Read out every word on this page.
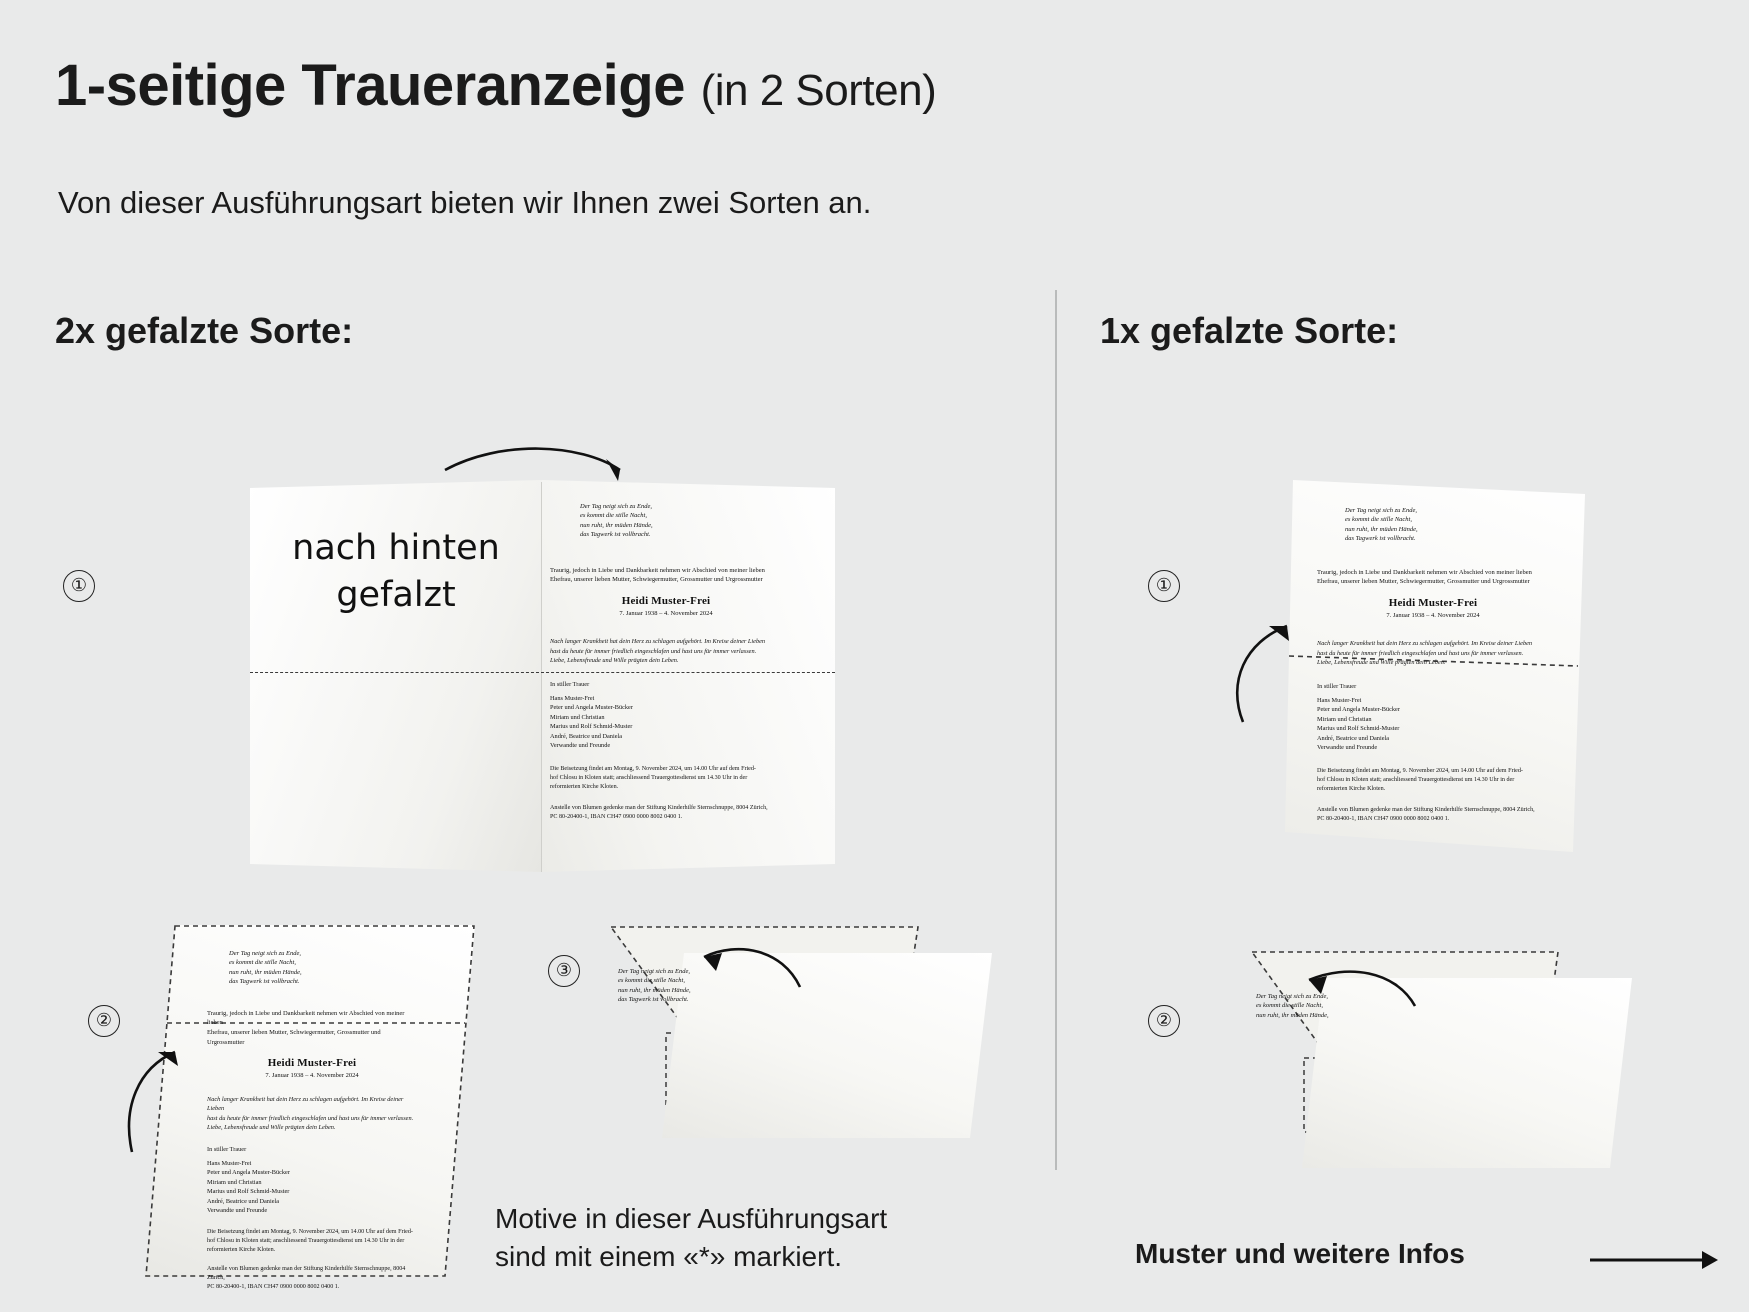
1-seitige Traueranzeige (in 2 Sorten)
Von dieser Ausführungsart bieten wir Ihnen zwei Sorten an.
2x gefalzte Sorte:	1x gefalzte Sorte:
①
nach hinten
gefalzt
Der Tag neigt sich zu Ende,
es kommt die stille Nacht,
nun ruht, ihr müden Hände,
das Tagwerk ist vollbracht.
Traurig, jedoch in Liebe und Dankbarkeit nehmen wir Abschied von meiner lieben
Ehefrau, unserer lieben Mutter, Schwiegermutter, Grossmutter und Urgrossmutter
Heidi Muster-Frei
7. Januar 1938 – 4. November 2024
Nach langer Krankheit hat dein Herz zu schlagen aufgehört. Im Kreise deiner Lieben
hast du heute für immer friedlich eingeschlafen und hast uns für immer verlassen.
Liebe, Lebensfreude und Wille prägten dein Leben.
In stiller Trauer
Hans Muster-Frei
Peter und Angela Muster-Bücker
Miriam und Christian
Marius und Rolf Schmid-Muster
André, Beatrice und Daniela
Verwandte und Freunde
Die Beisetzung findet am Montag, 9. November 2024, um 14.00 Uhr auf dem Fried-
hof Chlosu in Kloten statt; anschliessend Trauergottesdienst um 14.30 Uhr in der
reformierten Kirche Kloten.
Anstelle von Blumen gedenke man der Stiftung Kinderhilfe Sternschnuppe, 8004 Zürich,
PC 80-20400-1, IBAN CH47 0900 0000 8002 0400 1.
②
Der Tag neigt sich zu Ende,
es kommt die stille Nacht,
nun ruht, ihr müden Hände,
das Tagwerk ist vollbracht.
Traurig, jedoch in Liebe und Dankbarkeit nehmen wir Abschied von meiner lieben
Ehefrau, unserer lieben Mutter, Schwiegermutter, Grossmutter und Urgrossmutter
Heidi Muster-Frei
7. Januar 1938 – 4. November 2024
Nach langer Krankheit hat dein Herz zu schlagen aufgehört. Im Kreise deiner Lieben
hast du heute für immer friedlich eingeschlafen und hast uns für immer verlassen.
Liebe, Lebensfreude und Wille prägten dein Leben.
In stiller Trauer
Hans Muster-Frei
Peter und Angela Muster-Bücker
Miriam und Christian
Marius und Rolf Schmid-Muster
André, Beatrice und Daniela
Verwandte und Freunde
Die Beisetzung findet am Montag, 9. November 2024, um 14.00 Uhr auf dem Fried-
hof Chlosu in Kloten statt; anschliessend Trauergottesdienst um 14.30 Uhr in der
reformierten Kirche Kloten.
Anstelle von Blumen gedenke man der Stiftung Kinderhilfe Sternschnuppe, 8004 Zürich,
PC 80-20400-1, IBAN CH47 0900 0000 8002 0400 1.
③	Der Tag neigt sich zu Ende,
es kommt die stille Nacht,
nun ruht, ihr müden Hände,
das Tagwerk ist vollbracht.
Motive in dieser Ausführungsart
sind mit einem «*» markiert.
①
Der Tag neigt sich zu Ende,
es kommt die stille Nacht,
nun ruht, ihr müden Hände,
das Tagwerk ist vollbracht.
Traurig, jedoch in Liebe und Dankbarkeit nehmen wir Abschied von meiner lieben
Ehefrau, unserer lieben Mutter, Schwiegermutter, Grossmutter und Urgrossmutter
Heidi Muster-Frei
7. Januar 1938 – 4. November 2024
Nach langer Krankheit hat dein Herz zu schlagen aufgehört. Im Kreise deiner Lieben
hast du heute für immer friedlich eingeschlafen und hast uns für immer verlassen.
Liebe, Lebensfreude und Wille prägten dein Leben.
In stiller Trauer
Hans Muster-Frei
Peter und Angela Muster-Bücker
Miriam und Christian
Marius und Rolf Schmid-Muster
André, Beatrice und Daniela
Verwandte und Freunde
Die Beisetzung findet am Montag, 9. November 2024, um 14.00 Uhr auf dem Fried-
hof Chlosu in Kloten statt; anschliessend Trauergottesdienst um 14.30 Uhr in der
reformierten Kirche Kloten.
Anstelle von Blumen gedenke man der Stiftung Kinderhilfe Sternschnuppe, 8004 Zürich,
PC 80-20400-1, IBAN CH47 0900 0000 8002 0400 1.
②
Der Tag neigt sich zu Ende,
es kommt die stille Nacht,
nun ruht, ihr müden Hände,
Muster und weitere Infos
